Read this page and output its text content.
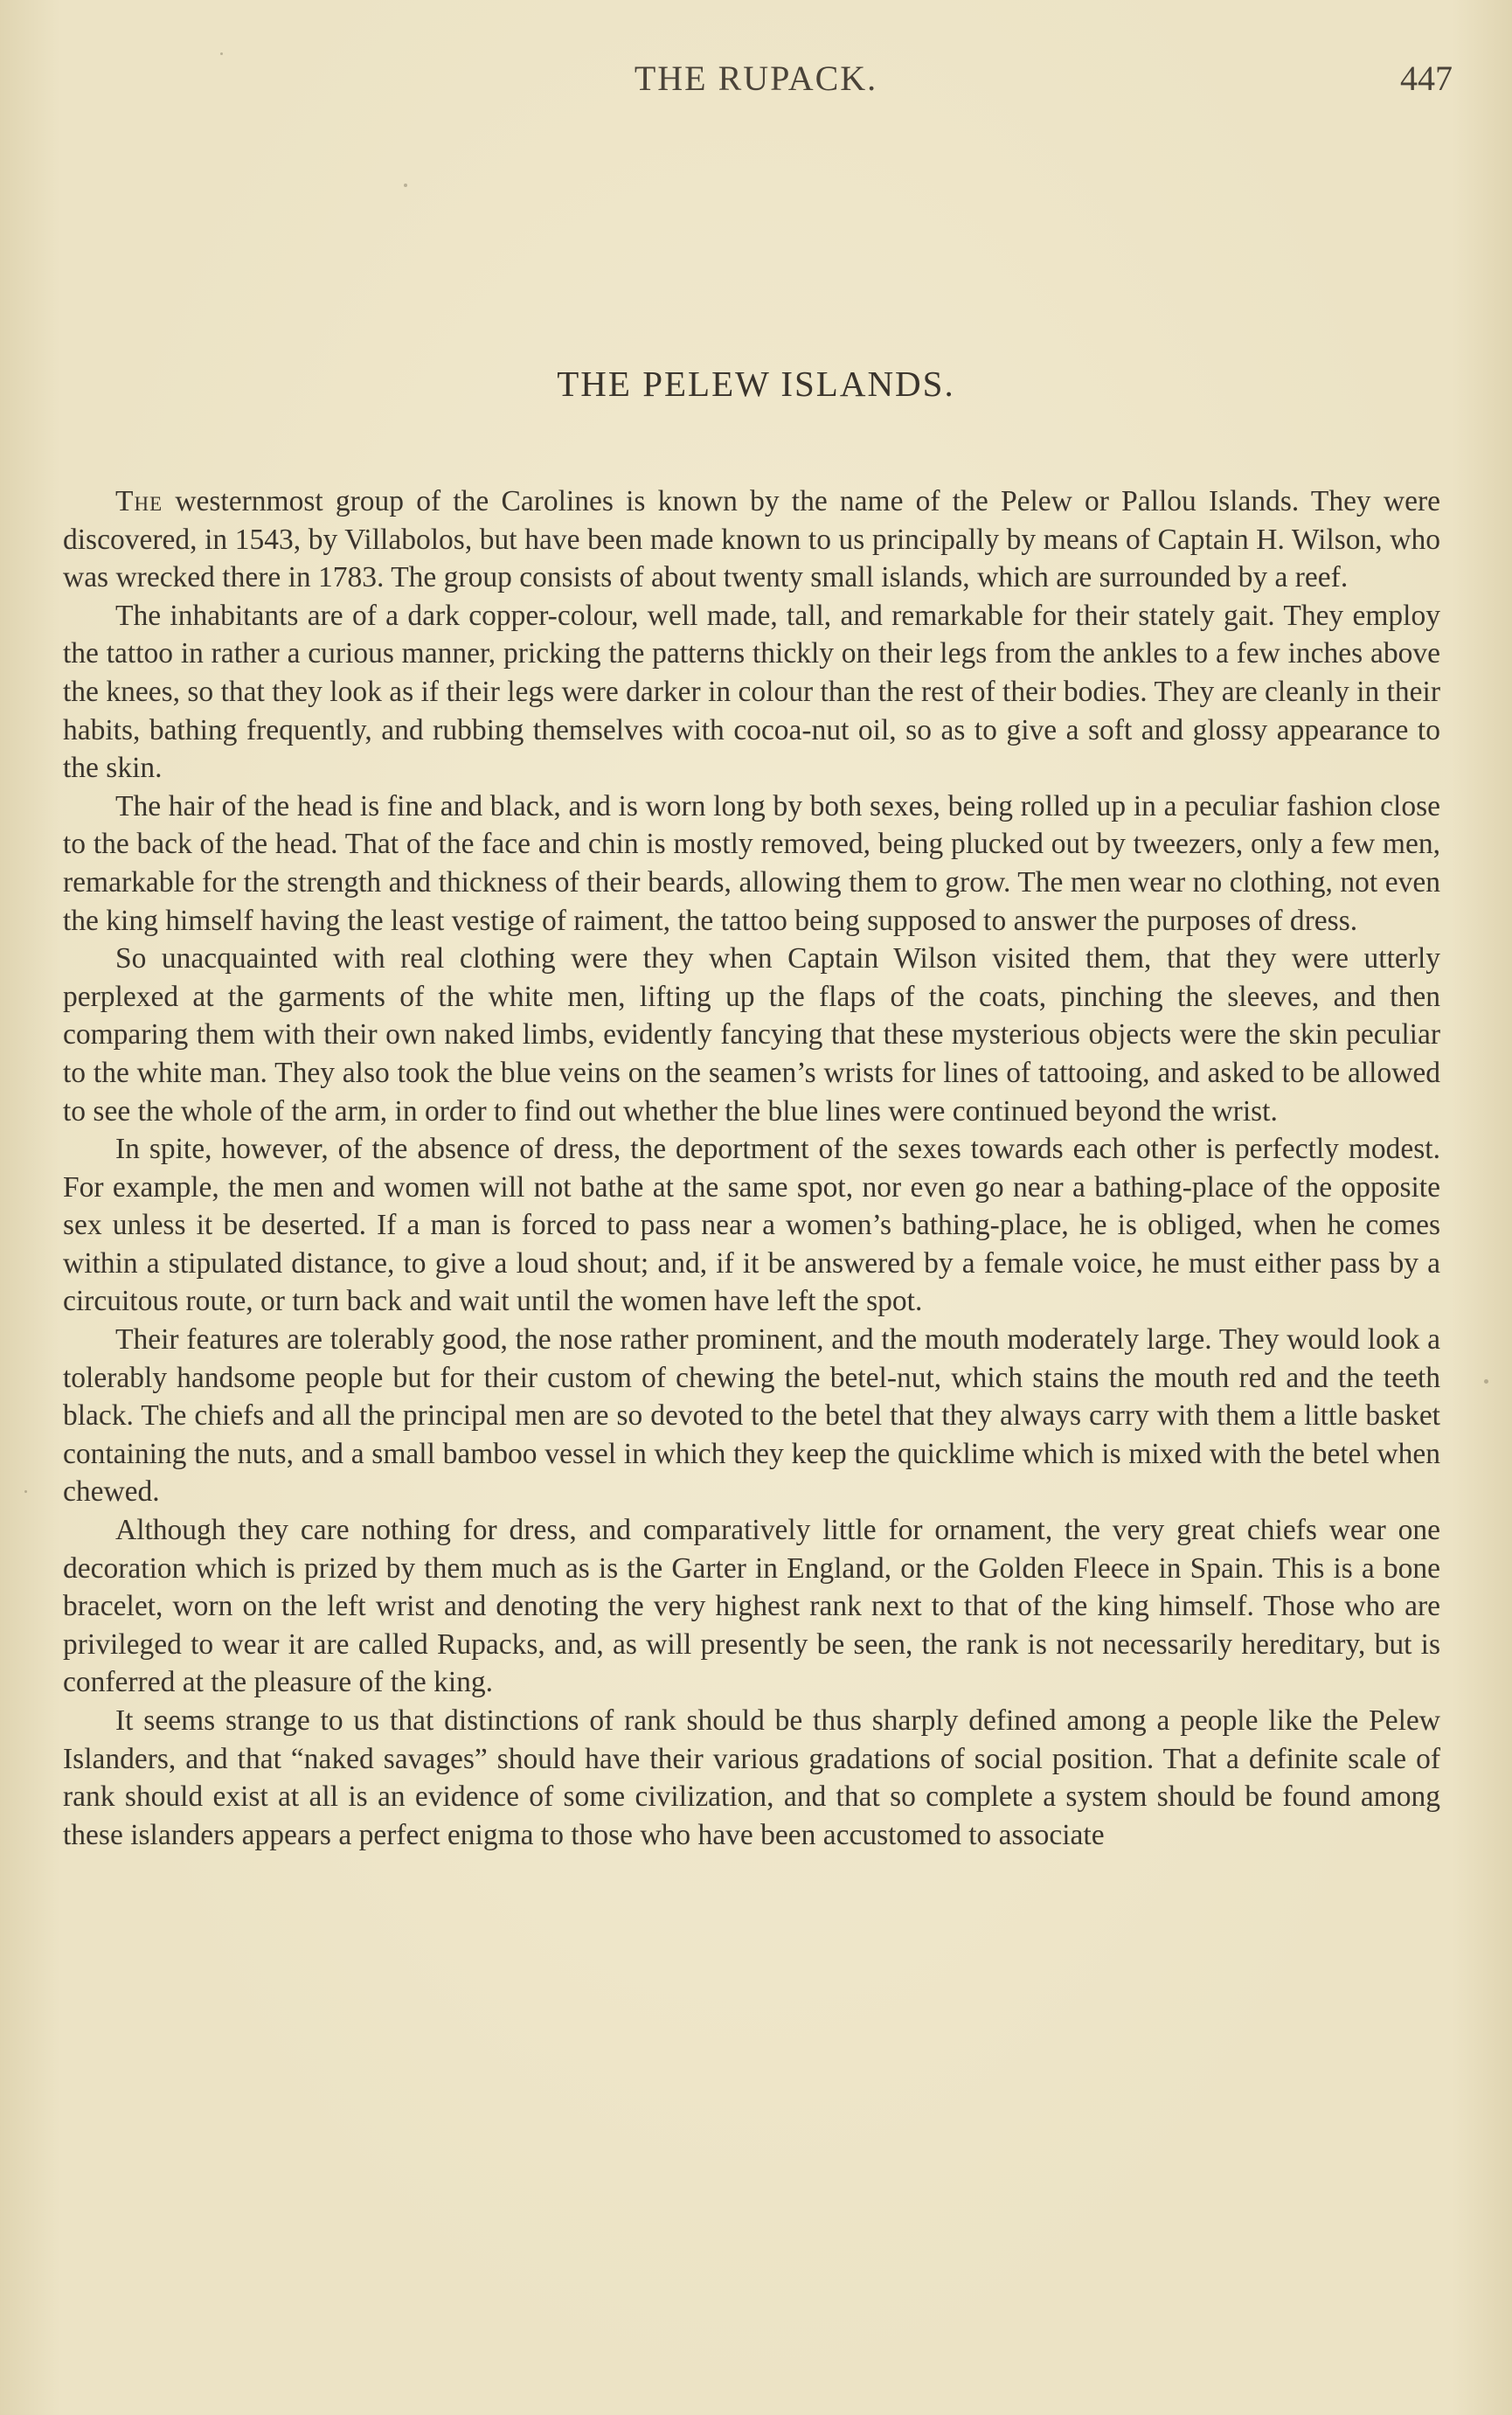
THE RUPACK.	447
THE PELEW ISLANDS.

The westernmost group of the Carolines is known by the name of the Pelew or Pallou Islands. They were discovered, in 1543, by Villabolos, but have been made known to us principally by means of Captain H. Wilson, who was wrecked there in 1783. The group consists of about twenty small islands, which are surrounded by a reef.

The inhabitants are of a dark copper-colour, well made, tall, and remarkable for their stately gait. They employ the tattoo in rather a curious manner, pricking the patterns thickly on their legs from the ankles to a few inches above the knees, so that they look as if their legs were darker in colour than the rest of their bodies. They are cleanly in their habits, bathing frequently, and rubbing themselves with cocoa-nut oil, so as to give a soft and glossy appearance to the skin.

The hair of the head is fine and black, and is worn long by both sexes, being rolled up in a peculiar fashion close to the back of the head. That of the face and chin is mostly removed, being plucked out by tweezers, only a few men, remarkable for the strength and thickness of their beards, allowing them to grow. The men wear no clothing, not even the king himself having the least vestige of raiment, the tattoo being supposed to answer the purposes of dress.

So unacquainted with real clothing were they when Captain Wilson visited them, that they were utterly perplexed at the garments of the white men, lifting up the flaps of the coats, pinching the sleeves, and then comparing them with their own naked limbs, evidently fancying that these mysterious objects were the skin peculiar to the white man. They also took the blue veins on the seamen’s wrists for lines of tattooing, and asked to be allowed to see the whole of the arm, in order to find out whether the blue lines were continued beyond the wrist.

In spite, however, of the absence of dress, the deportment of the sexes towards each other is perfectly modest. For example, the men and women will not bathe at the same spot, nor even go near a bathing-place of the opposite sex unless it be deserted. If a man is forced to pass near a women’s bathing-place, he is obliged, when he comes within a stipulated distance, to give a loud shout; and, if it be answered by a female voice, he must either pass by a circuitous route, or turn back and wait until the women have left the spot.

Their features are tolerably good, the nose rather prominent, and the mouth moderately large. They would look a tolerably handsome people but for their custom of chewing the betel-nut, which stains the mouth red and the teeth black. The chiefs and all the principal men are so devoted to the betel that they always carry with them a little basket containing the nuts, and a small bamboo vessel in which they keep the quicklime which is mixed with the betel when chewed.

Although they care nothing for dress, and comparatively little for ornament, the very great chiefs wear one decoration which is prized by them much as is the Garter in England, or the Golden Fleece in Spain. This is a bone bracelet, worn on the left wrist and denoting the very highest rank next to that of the king himself. Those who are privileged to wear it are called Rupacks, and, as will presently be seen, the rank is not necessarily hereditary, but is conferred at the pleasure of the king.

It seems strange to us that distinctions of rank should be thus sharply defined among a people like the Pelew Islanders, and that “naked savages” should have their various gradations of social position. That a definite scale of rank should exist at all is an evidence of some civilization, and that so complete a system should be found among these islanders appears a perfect enigma to those who have been accustomed to associate
